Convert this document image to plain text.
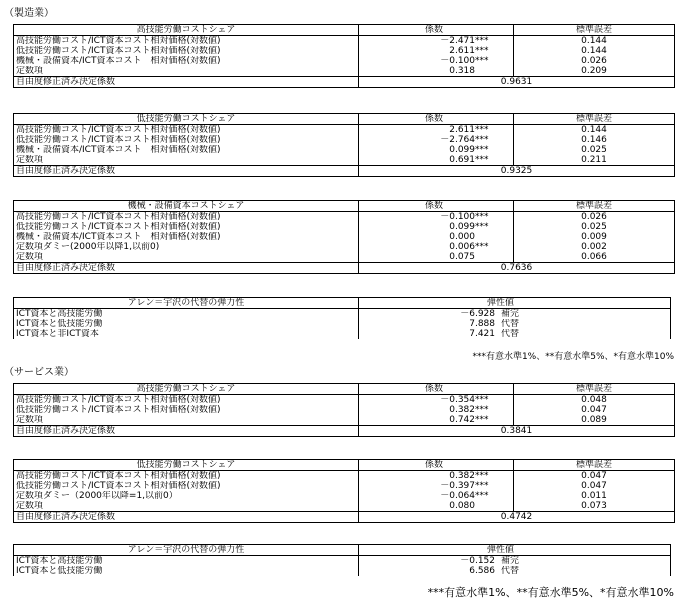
（製造業）
高技能労働コストシェア	係数	標準誤差
高技能労働コスト/ICT資本コスト相対価格(対数値)	－2.471***	0.144
低技能労働コスト/ICT資本コスト相対価格(対数値)	2.611***	0.144
機械・設備資本/ICT資本コスト　相対価格(対数値)	－0.100***	0.026
定数項	0.318	0.209
自由度修正済み決定係数	0.9631	
低技能労働コストシェア	係数	標準誤差
高技能労働コスト/ICT資本コスト相対価格(対数値)	2.611***	0.144
低技能労働コスト/ICT資本コスト相対価格(対数値)	－2.764***	0.146
機械・設備資本/ICT資本コスト　相対価格(対数値)	0.099***	0.025
定数項	0.691***	0.211
自由度修正済み決定係数	0.9325	
機械・設備資本コストシェア	係数	標準誤差
高技能労働コスト/ICT資本コスト相対価格(対数値)	－0.100***	0.026
低技能労働コスト/ICT資本コスト相対価格(対数値)	0.099***	0.025
機械・設備資本/ICT資本コスト　相対価格(対数値)	0.000	0.009
定数項ダミー(2000年以降1,以前0)	0.006***	0.002
定数項	0.075	0.066
自由度修正済み決定係数	0.7636	
アレン＝宇沢の代替の弾力性	弾性値
ICT資本と高技能労働	－6.928 補完
ICT資本と低技能労働	7.888 代替
ICT資本と非ICT資本	7.421 代替
***有意水準1%、**有意水準5%、*有意水準10%
（サービス業）
高技能労働コストシェア	係数	標準誤差
高技能労働コスト/ICT資本コスト相対価格(対数値)	－0.354***	0.048
低技能労働コスト/ICT資本コスト相対価格(対数値)	0.382***	0.047
定数項	0.742***	0.089
自由度修正済み決定係数	0.3841	
低技能労働コストシェア	係数	標準誤差
高技能労働コスト/ICT資本コスト相対価格(対数値)	0.382***	0.047
低技能労働コスト/ICT資本コスト相対価格(対数値)	－0.397***	0.047
定数項ダミー（2000年以降=1,以前0）	－0.064***	0.011
定数項	0.080	0.073
自由度修正済み決定係数	0.4742	
アレン＝宇沢の代替の弾力性	弾性値
ICT資本と高技能労働	－0.152 補完
ICT資本と低技能労働	6.586 代替
***有意水準1%、**有意水準5%、*有意水準10%
